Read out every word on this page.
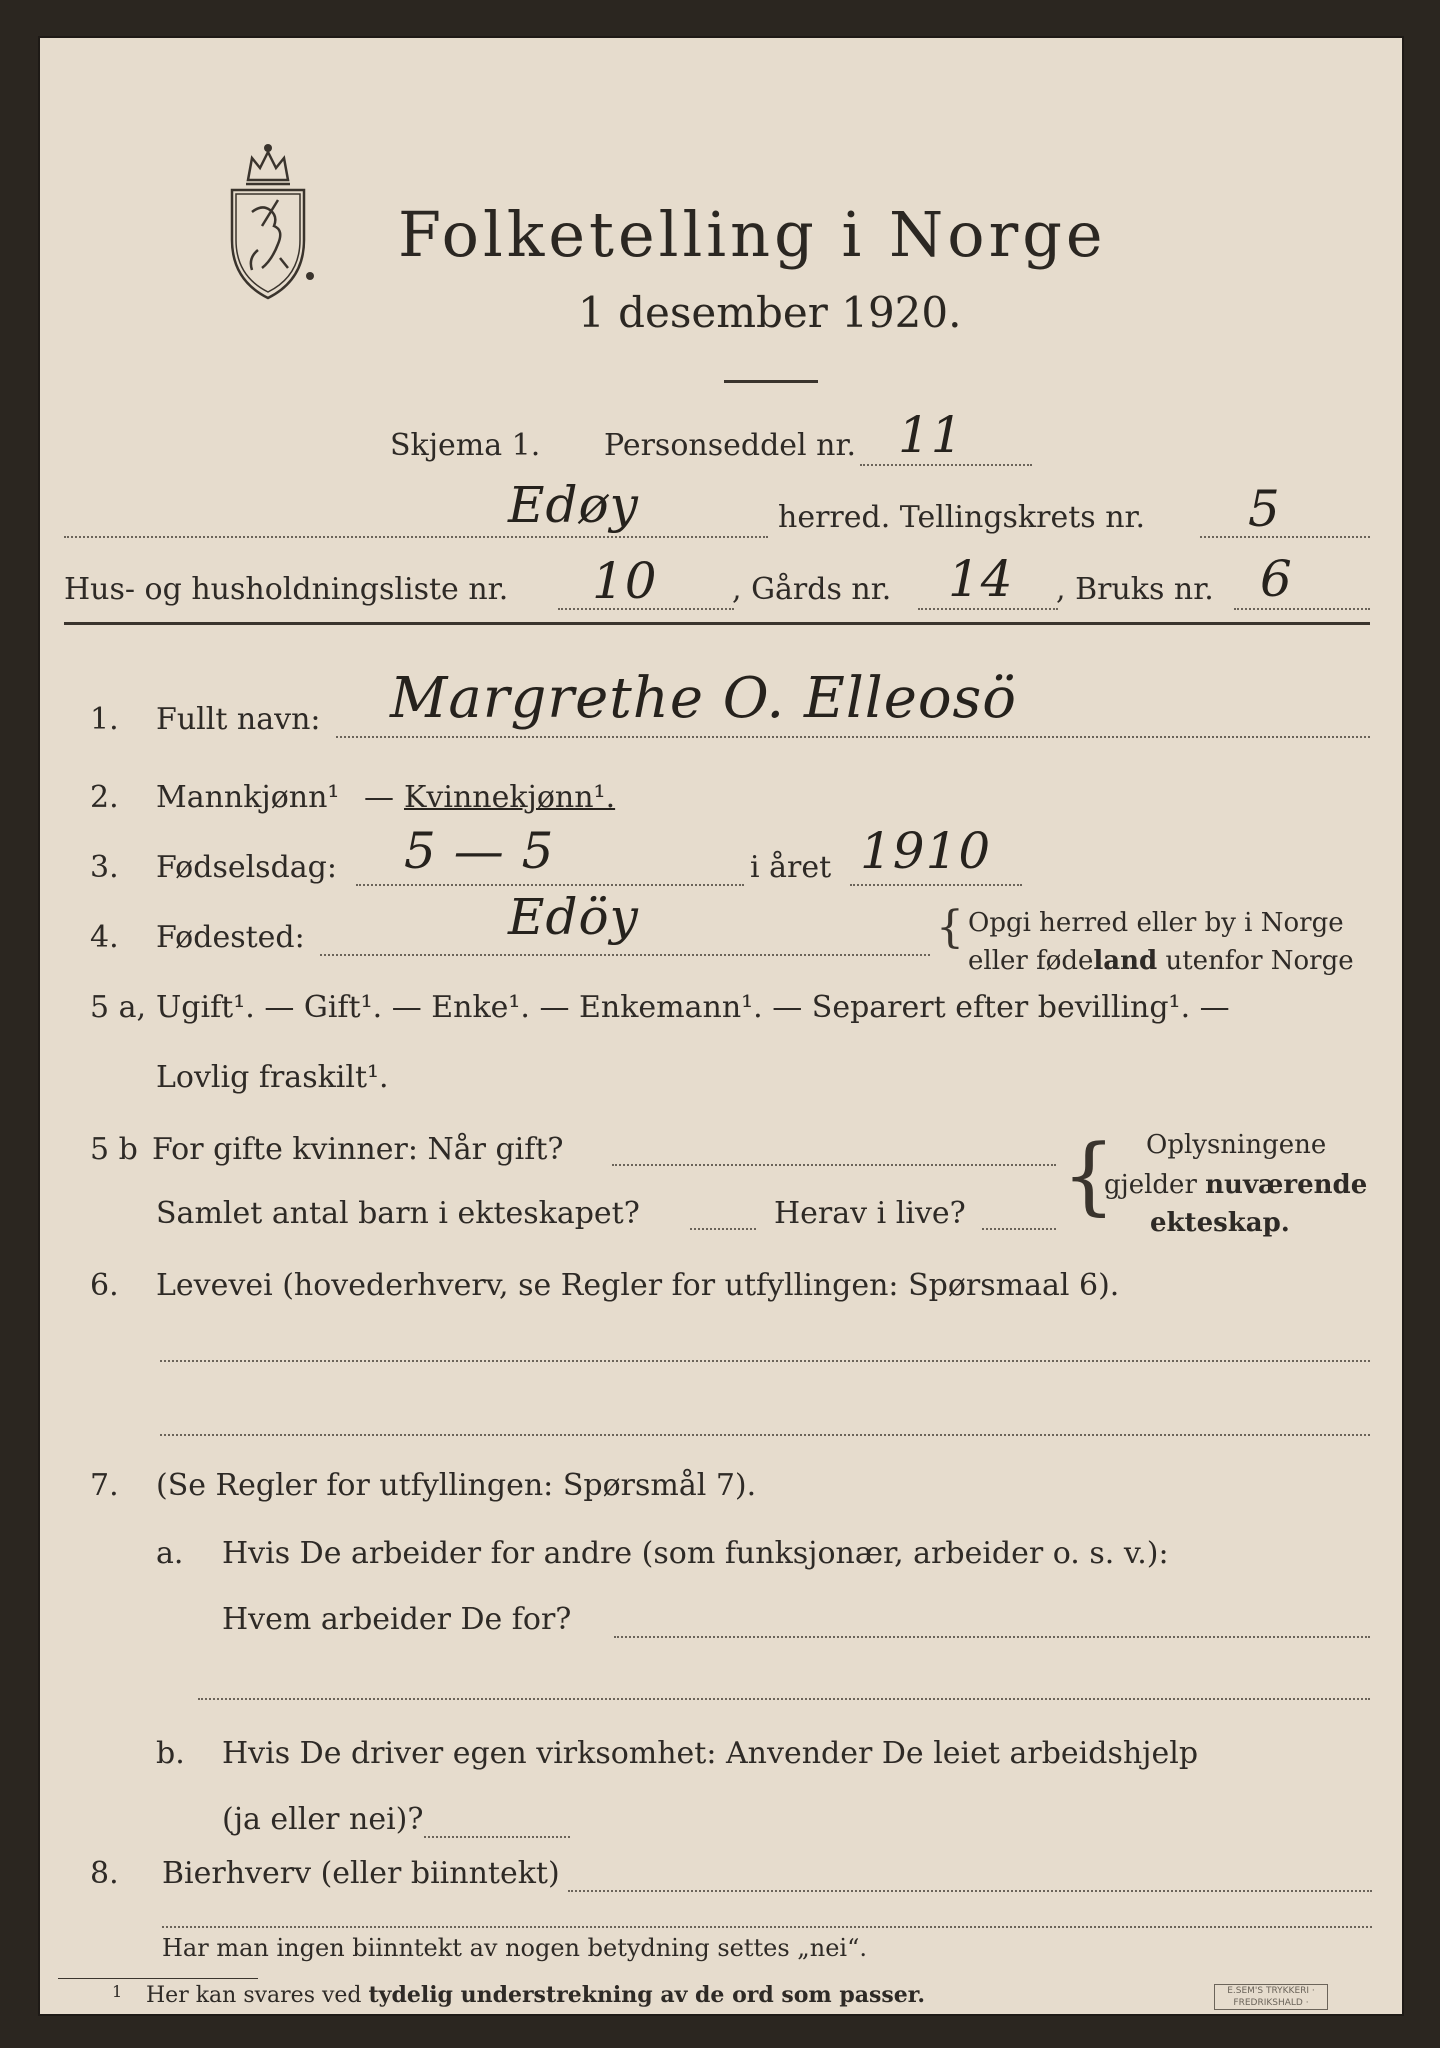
Folketelling i Norge
1 desember 1920.
Skjema 1. Personseddel nr. 11
Edøy	herred. Tellingskrets nr. 5
Hus- og husholdningsliste nr. 10 , Gårds nr. 14 , Bruks nr. 6
1. Fullt navn: Margrethe O. Elleosö
2. Mannkjønn¹ — Kvinnekjønn¹.
3. Fødselsdag: 5 — 5	i året 1910
4. Fødested:	Edöy	{ Opgi herred eller by i Norge
eller fødeland utenfor Norge
5 a, Ugift¹. — Gift¹. — Enke¹. — Enkemann¹. — Separert efter bevilling¹. —
Lovlig fraskilt¹.
5 b For gifte kvinner: Når gift?
Samlet antal barn i ekteskapet?	Herav i live? { Oplysningene
gjelder nuværende
ekteskap.
6. Levevei (hovederhverv, se Regler for utfyllingen: Spørsmaal 6).
7. (Se Regler for utfyllingen: Spørsmål 7).
a. Hvis De arbeider for andre (som funksjonær, arbeider o. s. v.):
Hvem arbeider De for?
b. Hvis De driver egen virksomhet: Anvender De leiet arbeidshjelp
(ja eller nei)?
8. Bierhverv (eller biinntekt)
Har man ingen biinntekt av nogen betydning settes „nei“.
1 Her kan svares ved tydelig understrekning av de ord som passer.	E.SEM'S TRYKKERI · FREDRIKSHALD ·
